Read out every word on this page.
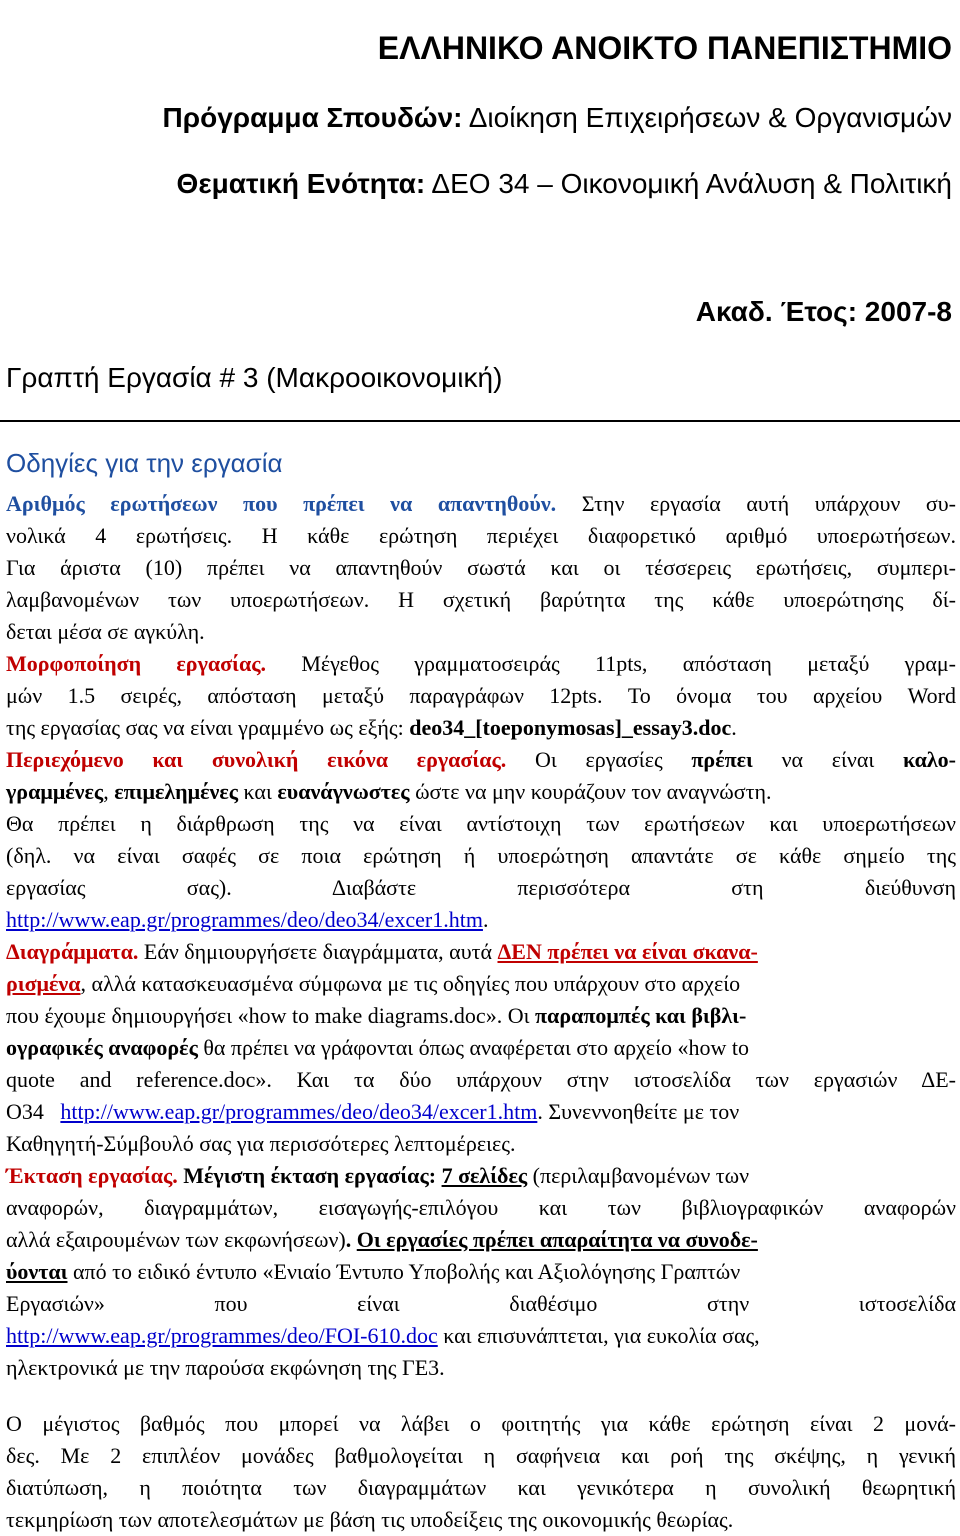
ΕΛΛΗΝΙΚΟ ΑΝΟΙΚΤΟ ΠΑΝΕΠΙΣΤΗΜΙΟ
Πρόγραμμα Σπουδών: Διοίκηση Επιχειρήσεων & Οργανισμών
Θεματική Ενότητα: ΔΕΟ 34 – Οικονομική Ανάλυση & Πολιτική
Ακαδ. Έτος: 2007-8
Γραπτή Εργασία # 3 (Μακροοικονομική)
Οδηγίες για την εργασία
Αριθμός ερωτήσεων που πρέπει να απαντηθούν. Στην εργασία αυτή υπάρχουν συ-
νολικά 4 ερωτήσεις. Η κάθε ερώτηση περιέχει διαφορετικό αριθμό υποερωτήσεων.
Για άριστα (10) πρέπει να απαντηθούν σωστά και οι τέσσερεις ερωτήσεις, συμπερι-
λαμβανομένων των υποερωτήσεων. Η σχετική βαρύτητα της κάθε υποερώτησης δί-
δεται μέσα σε αγκύλη.
Μορφοποίηση εργασίας. Μέγεθος γραμματοσειράς 11pts, απόσταση μεταξύ γραμ-
μών 1.5 σειρές, απόσταση μεταξύ παραγράφων 12pts. Το όνομα του αρχείου Word
της εργασίας σας να είναι γραμμένο ως εξής: deo34_[toeponymosas]_essay3.doc.
Περιεχόμενο και συνολική εικόνα εργασίας. Οι εργασίες πρέπει να είναι καλο-
γραμμένες, επιμελημένες και ευανάγνωστες ώστε να μην κουράζουν τον αναγνώστη.
Θα πρέπει η διάρθρωση της να είναι αντίστοιχη των ερωτήσεων και υποερωτήσεων
(δηλ. να είναι σαφές σε ποια ερώτηση ή υποερώτηση απαντάτε σε κάθε σημείο της
εργασίας σας). Διαβάστε περισσότερα στη διεύθυνση
http://www.eap.gr/programmes/deo/deo34/excer1.htm.
Διαγράμματα. Εάν δημιουργήσετε διαγράμματα, αυτά ΔΕΝ πρέπει να είναι σκανα-
ρισμένα, αλλά κατασκευασμένα σύμφωνα με τις οδηγίες που υπάρχουν στο αρχείο
που έχουμε δημιουργήσει «how to make diagrams.doc». Οι παραπομπές και βιβλι-
ογραφικές αναφορές θα πρέπει να γράφονται όπως αναφέρεται στο αρχείο «how to
quote and reference.doc». Και τα δύο υπάρχουν στην ιστοσελίδα των εργασιών ΔΕ-
Ο34 http://www.eap.gr/programmes/deo/deo34/excer1.htm. Συνεννοηθείτε με τον
Καθηγητή-Σύμβουλό σας για περισσότερες λεπτομέρειες.
Έκταση εργασίας. Μέγιστη έκταση εργασίας: 7 σελίδες (περιλαμβανομένων των
αναφορών, διαγραμμάτων, εισαγωγής-επιλόγου και των βιβλιογραφικών αναφορών
αλλά εξαιρουμένων των εκφωνήσεων). Οι εργασίες πρέπει απαραίτητα να συνοδε-
ύονται από το ειδικό έντυπο «Ενιαίο Έντυπο Υποβολής και Αξιολόγησης Γραπτών
Εργασιών» που είναι διαθέσιμο στην ιστοσελίδα
http://www.eap.gr/programmes/deo/FOI-610.doc και επισυνάπτεται, για ευκολία σας,
ηλεκτρονικά με την παρούσα εκφώνηση της ΓΕ3.
Ο μέγιστος βαθμός που μπορεί να λάβει ο φοιτητής για κάθε ερώτηση είναι 2 μονά-
δες. Με 2 επιπλέον μονάδες βαθμολογείται η σαφήνεια και ροή της σκέψης, η γενική
διατύπωση, η ποιότητα των διαγραμμάτων και γενικότερα η συνολική θεωρητική
τεκμηρίωση των αποτελεσμάτων με βάση τις υποδείξεις της οικονομικής θεωρίας.
